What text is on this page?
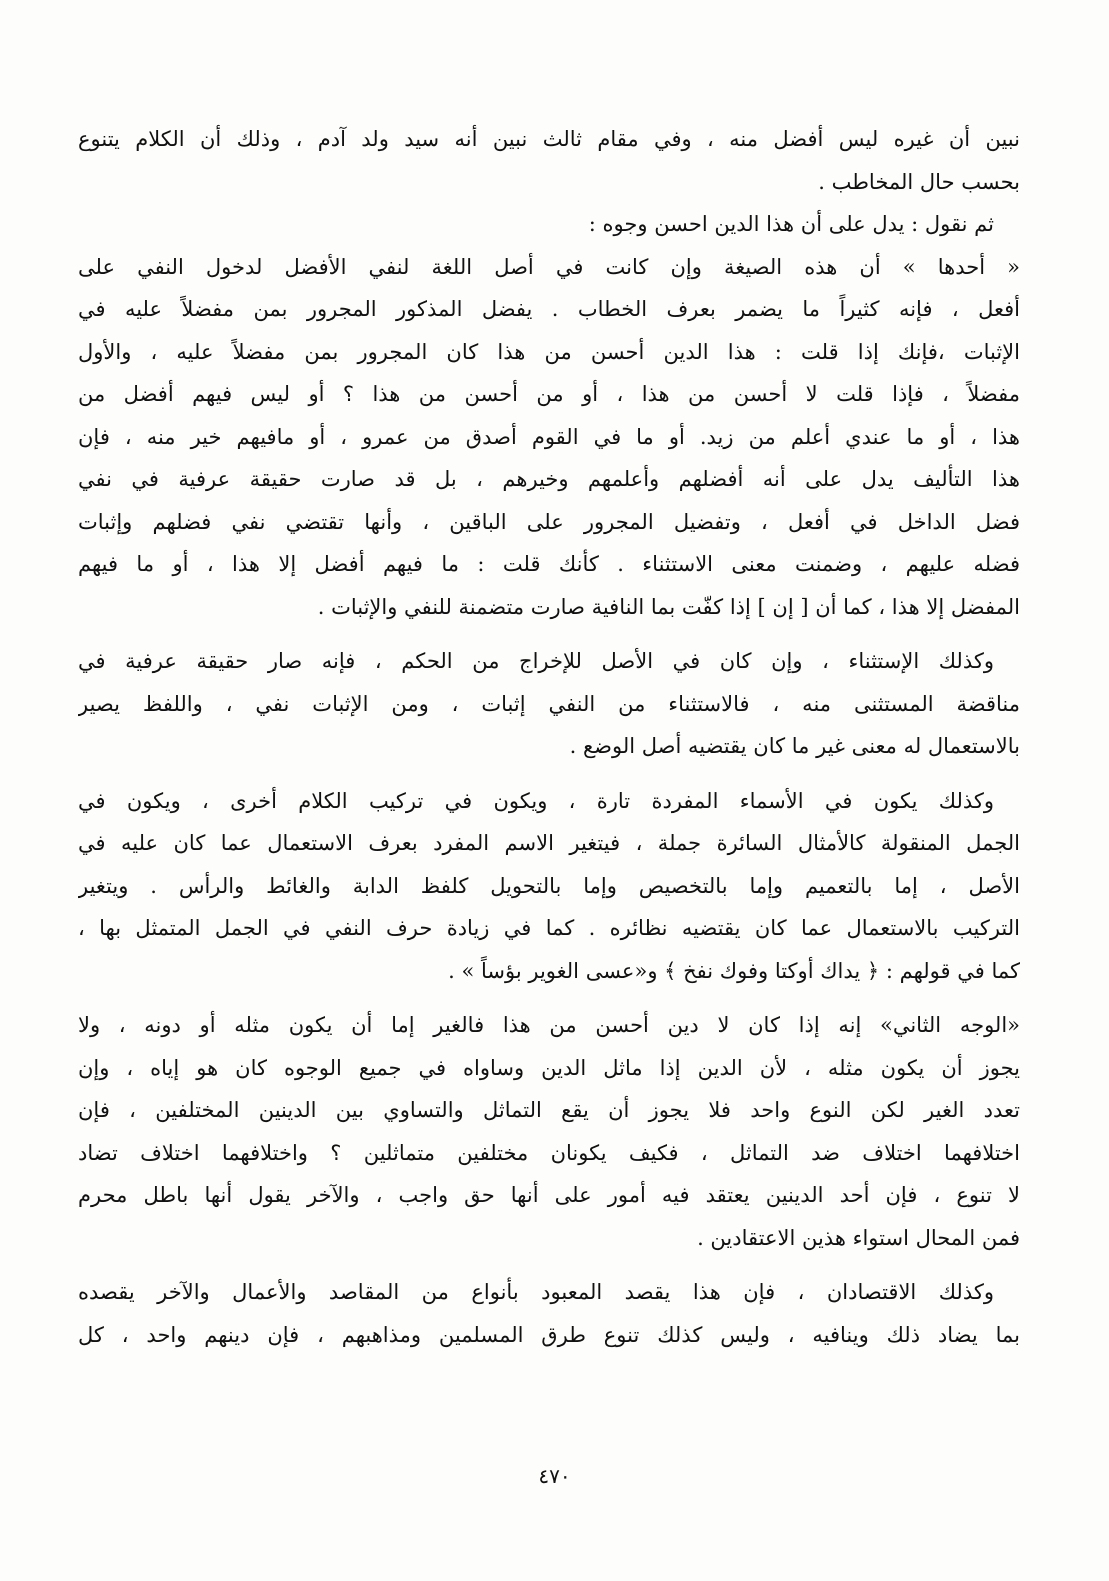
نبين أن غيره ليس أفضل منه ، وفي مقام ثالث نبين أنه سيد ولد آدم ، وذلك أن الكلام يتنوع
بحسب حال المخاطب .
ثم نقول : يدل على أن هذا الدين احسن وجوه :
« أحدها » أن هذه الصيغة وإن كانت في أصل اللغة لنفي الأفضل لدخول النفي على
أفعل ، فإنه كثيراً ما يضمر بعرف الخطاب . يفضل المذكور المجرور بمن مفضلاً عليه في
الإثبات ،فإنك إذا قلت : هذا الدين أحسن من هذا كان المجرور بمن مفضلاً عليه ، والأول
مفضلاً ، فإذا قلت لا أحسن من هذا ، أو من أحسن من هذا ؟ أو ليس فيهم أفضل من
هذا ، أو ما عندي أعلم من زيد. أو ما في القوم أصدق من عمرو ، أو مافيهم خير منه ، فإن
هذا التأليف يدل على أنه أفضلهم وأعلمهم وخيرهم ، بل قد صارت حقيقة عرفية في نفي
فضل الداخل في أفعل ، وتفضيل المجرور على الباقين ، وأنها تقتضي نفي فضلهم وإثبات
فضله عليهم ، وضمنت معنى الاستثناء . كأنك قلت : ما فيهم أفضل إلا هذا ، أو ما فيهم
المفضل إلا هذا ، كما أن [ إن ] إذا كفّت بما النافية صارت متضمنة للنفي والإثبات .
وكذلك الإستثناء ، وإن كان في الأصل للإخراج من الحكم ، فإنه صار حقيقة عرفية في
مناقضة المستثنى منه ، فالاستثناء من النفي إثبات ، ومن الإثبات نفي ، واللفظ يصير
بالاستعمال له معنى غير ما كان يقتضيه أصل الوضع .
وكذلك يكون في الأسماء المفردة تارة ، ويكون في تركيب الكلام أخرى ، ويكون في
الجمل المنقولة كالأمثال السائرة جملة ، فيتغير الاسم المفرد بعرف الاستعمال عما كان عليه في
الأصل ، إما بالتعميم وإما بالتخصيص وإما بالتحويل كلفظ الدابة والغائط والرأس . ويتغير
التركيب بالاستعمال عما كان يقتضيه نظائره . كما في زيادة حرف النفي في الجمل المتمثل بها ،
كما في قولهم : ﴿ يداك أوكتا وفوك نفخ ﴾ و«عسى الغوير بؤساً » .
«الوجه الثاني» إنه إذا كان لا دين أحسن من هذا فالغير إما أن يكون مثله أو دونه ، ولا
يجوز أن يكون مثله ، لأن الدين إذا ماثل الدين وساواه في جميع الوجوه كان هو إياه ، وإن
تعدد الغير لكن النوع واحد فلا يجوز أن يقع التماثل والتساوي بين الدينين المختلفين ، فإن
اختلافهما اختلاف ضد التماثل ، فكيف يكونان مختلفين متماثلين ؟ واختلافهما اختلاف تضاد
لا تنوع ، فإن أحد الدينين يعتقد فيه أمور على أنها حق واجب ، والآخر يقول أنها باطل محرم
فمن المحال استواء هذين الاعتقادين .
وكذلك الاقتصادان ، فإن هذا يقصد المعبود بأنواع من المقاصد والأعمال والآخر يقصده
بما يضاد ذلك وينافيه ، وليس كذلك تنوع طرق المسلمين ومذاهبهم ، فإن دينهم واحد ، كل
٤٧٠
